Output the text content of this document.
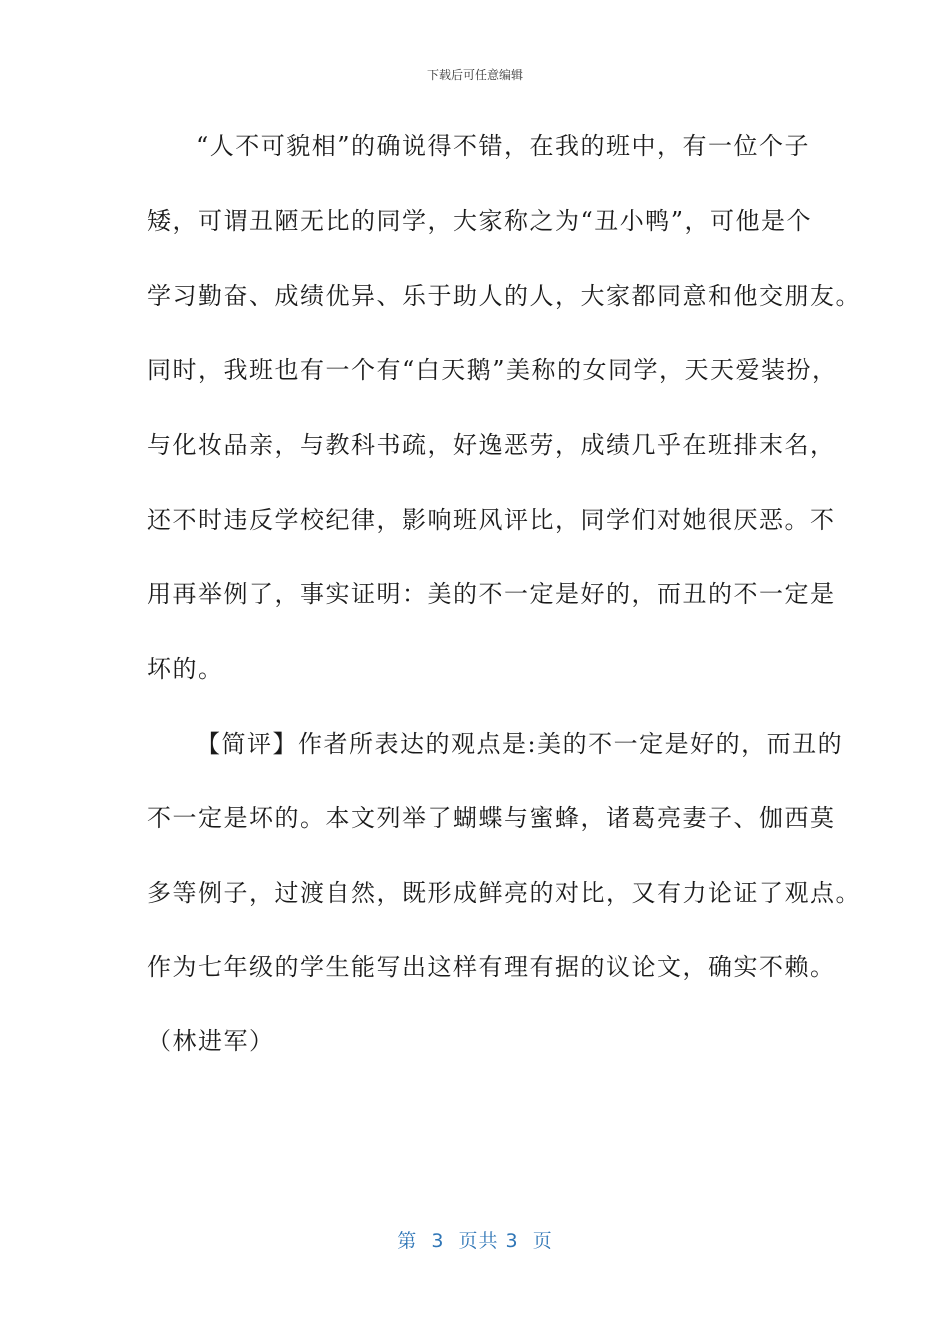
下载后可任意编辑
“人不可貌相”的确说得不错，在我的班中，有一位个子
矮，可谓丑陋无比的同学，大家称之为“丑小鸭”，可他是个
学习勤奋、成绩优异、乐于助人的人，大家都同意和他交朋友。
同时，我班也有一个有“白天鹅”美称的女同学，天天爱装扮，
与化妆品亲，与教科书疏，好逸恶劳，成绩几乎在班排末名，
还不时违反学校纪律，影响班风评比，同学们对她很厌恶。不
用再举例了，事实证明：美的不一定是好的，而丑的不一定是
坏的。
【简评】作者所表达的观点是:美的不一定是好的，而丑的
不一定是坏的。本文列举了蝴蝶与蜜蜂，诸葛亮妻子、伽西莫
多等例子，过渡自然，既形成鲜亮的对比，又有力论证了观点。
作为七年级的学生能写出这样有理有据的议论文，确实不赖。
（林进军）
第  3  页共 3  页
